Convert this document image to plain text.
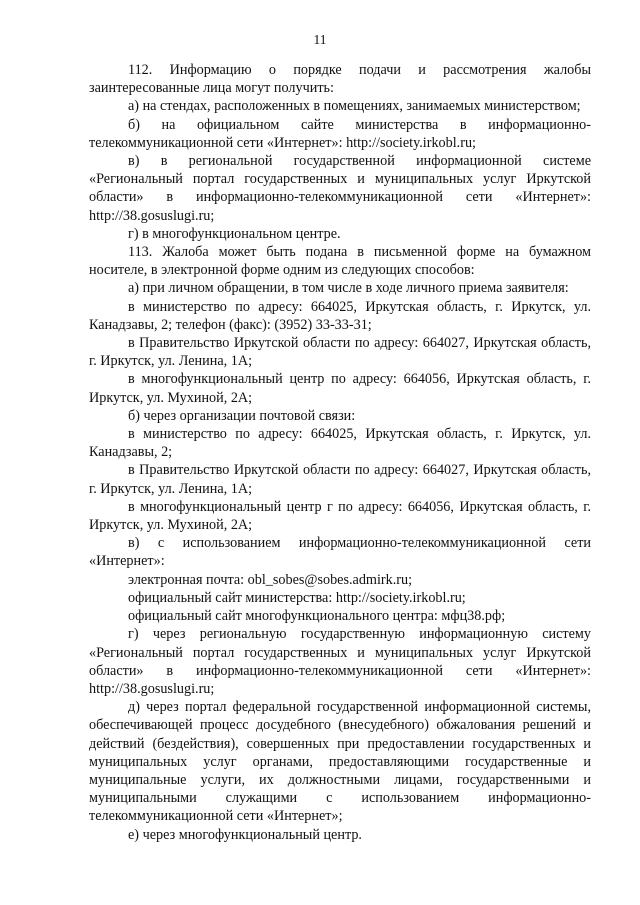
11

112. Информацию о порядке подачи и рассмотрения жалобы заинтересованные лица могут получить:

а) на стендах, расположенных в помещениях, занимаемых министерством;

б) на официальном сайте министерства в информационно-телекоммуникационной сети «Интернет»: http://society.irkobl.ru;

в) в региональной государственной информационной системе «Региональный портал государственных и муниципальных услуг Иркутской области» в информационно-телекоммуникационной сети «Интернет»: http://38.gosuslugi.ru;

г) в многофункциональном центре.

113. Жалоба может быть подана в письменной форме на бумажном носителе, в электронной форме одним из следующих способов:

а) при личном обращении, в том числе в ходе личного приема заявителя:

в министерство по адресу: 664025, Иркутская область, г. Иркутск, ул. Канадзавы, 2; телефон (факс): (3952) 33-33-31;

в Правительство Иркутской области по адресу: 664027, Иркутская область, г. Иркутск, ул. Ленина, 1А;

в многофункциональный центр по адресу: 664056, Иркутская область, г. Иркутск, ул. Мухиной, 2А;

б) через организации почтовой связи:

в министерство по адресу: 664025, Иркутская область, г. Иркутск, ул. Канадзавы, 2;

в Правительство Иркутской области по адресу: 664027, Иркутская область, г. Иркутск, ул. Ленина, 1А;

в многофункциональный центр г по адресу: 664056, Иркутская область, г. Иркутск, ул. Мухиной, 2А;

в) с использованием информационно-телекоммуникационной сети «Интернет»:

электронная почта: obl_sobes@sobes.admirk.ru;

официальный сайт министерства: http://society.irkobl.ru;

официальный сайт многофункционального центра: мфц38.рф;

г) через региональную государственную информационную систему «Региональный портал государственных и муниципальных услуг Иркутской области» в информационно-телекоммуникационной сети «Интернет»: http://38.gosuslugi.ru;

д) через портал федеральной государственной информационной системы, обеспечивающей процесс досудебного (внесудебного) обжалования решений и действий (бездействия), совершенных при предоставлении государственных и муниципальных услуг органами, предоставляющими государственные и муниципальные услуги, их должностными лицами, государственными и муниципальными служащими с использованием информационно-телекоммуникационной сети «Интернет»;

е) через многофункциональный центр.
